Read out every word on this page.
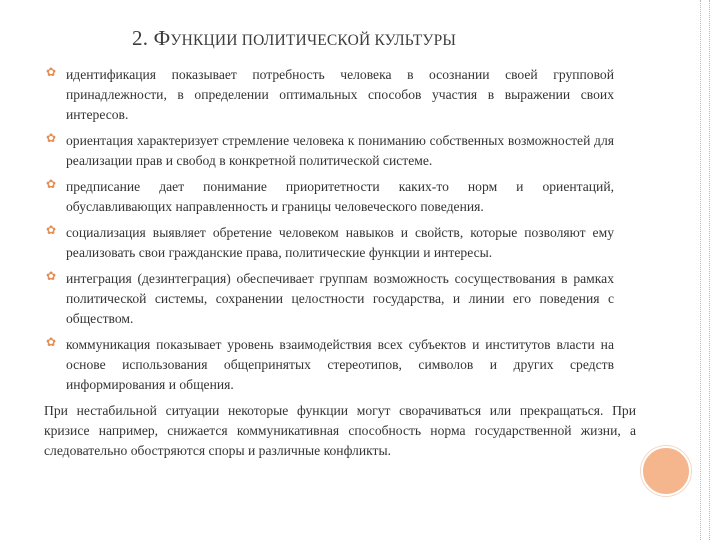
2. ФУНКЦИИ ПОЛИТИЧЕСКОЙ КУЛЬТУРЫ
✿ идентификация показывает потребность человека в осознании своей групповой принадлежности, в определении оптимальных способов участия в выражении своих интересов.
✿ ориентация характеризует стремление человека к пониманию собственных возможностей для реализации прав и свобод в конкретной политической системе.
✿ предписание дает понимание приоритетности каких-то норм и ориентаций, обуславливающих направленность и границы человеческого поведения.
✿ социализация выявляет обретение человеком навыков и свойств, которые позволяют ему реализовать свои гражданские права, политические функции и интересы.
✿ интеграция (дезинтеграция) обеспечивает группам возможность сосуществования в рамках политической системы, сохранении целостности государства, и линии его поведения с обществом.
✿ коммуникация показывает уровень взаимодействия всех субъектов и институтов власти на основе использования общепринятых стереотипов, символов и других средств информирования и общения.
При нестабильной ситуации некоторые функции могут сворачиваться или прекращаться. При кризисе например, снижается коммуникативная способность норма государственной жизни, а следовательно обостряются споры и различные конфликты.
